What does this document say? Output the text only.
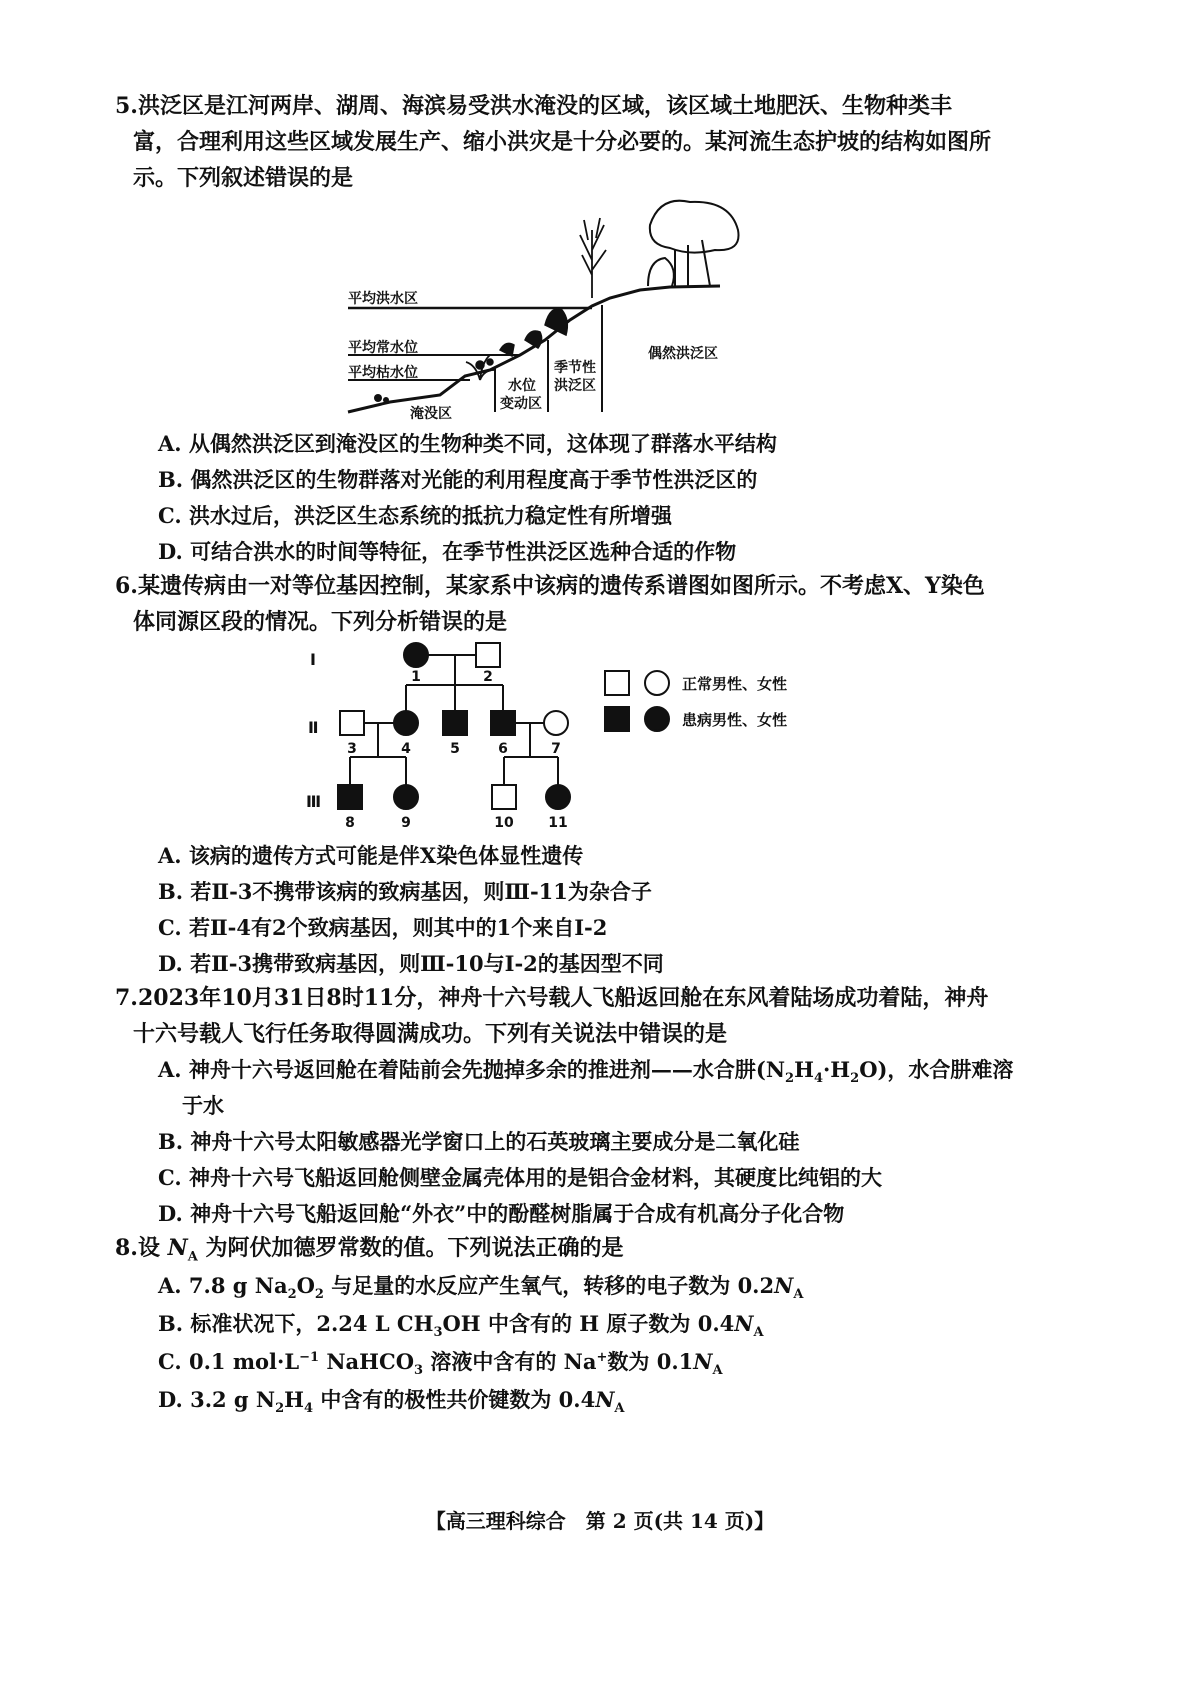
5.洪泛区是江河两岸、湖周、海滨易受洪水淹没的区域，该区域土地肥沃、生物种类丰富，合理利用这些区域发展生产、缩小洪灾是十分必要的。某河流生态护坡的结构如图所示。下列叙述错误的是
平均洪水区
平均常水位
平均枯水位
淹没区
水位
变动区
季节性
洪泛区
偶然洪泛区
A. 从偶然洪泛区到淹没区的生物种类不同，这体现了群落水平结构
B. 偶然洪泛区的生物群落对光能的利用程度高于季节性洪泛区的
C. 洪水过后，洪泛区生态系统的抵抗力稳定性有所增强
D. 可结合洪水的时间等特征，在季节性洪泛区选种合适的作物
6.某遗传病由一对等位基因控制，某家系中该病的遗传系谱图如图所示。不考虑X、Y染色体同源区段的情况。下列分析错误的是
Ⅰ
Ⅱ
Ⅲ
1	2
3	4	5	6	7
8	9	10 11
正常男性、女性
患病男性、女性
A. 该病的遗传方式可能是伴X染色体显性遗传
B. 若Ⅱ-3不携带该病的致病基因，则Ⅲ-11为杂合子
C. 若Ⅱ-4有2个致病基因，则其中的1个来自Ⅰ-2
D. 若Ⅱ-3携带致病基因，则Ⅲ-10与Ⅰ-2的基因型不同
7.2023年10月31日8时11分，神舟十六号载人飞船返回舱在东风着陆场成功着陆，神舟十六号载人飞行任务取得圆满成功。下列有关说法中错误的是
A. 神舟十六号返回舱在着陆前会先抛掉多余的推进剂——水合肼$(N_2H_4\cdot H_2O)$，水合肼难溶于水
B. 神舟十六号太阳敏感器光学窗口上的石英玻璃主要成分是二氧化硅
C. 神舟十六号飞船返回舱侧壁金属壳体用的是铝合金材料，其硬度比纯铝的大
D. 神舟十六号飞船返回舱“外衣”中的酚醛树脂属于合成有机高分子化合物
8.设 $N_A$ 为阿伏加德罗常数的值。下列说法正确的是
A. 7.8 g $Na_2O_2$ 与足量的水反应产生氧气，转移的电子数为 $0.2N_A$
B. 标准状况下，2.24 L $CH_3OH$ 中含有的 H 原子数为 $0.4N_A$
C. 0.1 $mol\cdot L^{-1}$ NaHCO$_3$ 溶液中含有的 Na+数为 $0.1N_A$
D. 3.2 g $N_2H_4$ 中含有的极性共价键数为 $0.4N_A$
【高三理科综合　第 2 页(共 14 页)】
